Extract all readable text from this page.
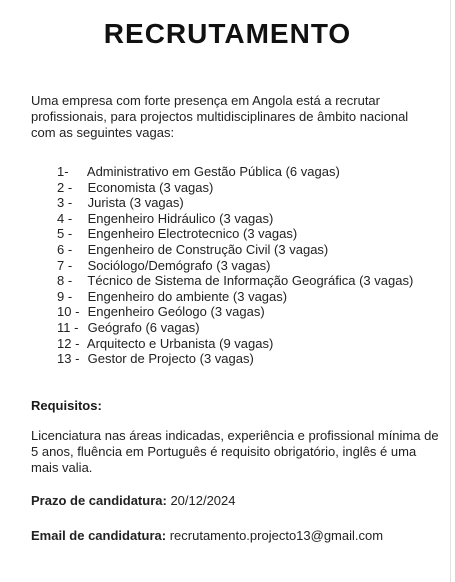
RECRUTAMENTO
Uma empresa com forte presença em Angola está a recrutar profissionais, para projectos multidisciplinares de âmbito nacional com as seguintes vagas:
1- Administrativo em Gestão Pública (6 vagas)
2 - Economista (3 vagas)
3 - Jurista (3 vagas)
4 - Engenheiro Hidráulico (3 vagas)
5 - Engenheiro Electrotecnico (3 vagas)
6 - Engenheiro de Construção Civil (3 vagas)
7 - Sociólogo/Demógrafo (3 vagas)
8 - Técnico de Sistema de Informação Geográfica (3 vagas)
9 - Engenheiro do ambiente (3 vagas)
10 - Engenheiro Geólogo (3 vagas)
11 - Geógrafo (6 vagas)
12 - Arquitecto e Urbanista (9 vagas)
13 - Gestor de Projecto (3 vagas)
Requisitos:
Licenciatura nas áreas indicadas, experiência e profissional mínima de 5 anos, fluência em Português é requisito obrigatório, inglês é uma mais valia.
Prazo de candidatura: 20/12/2024
Email de candidatura: recrutamento.projecto13@gmail.com
